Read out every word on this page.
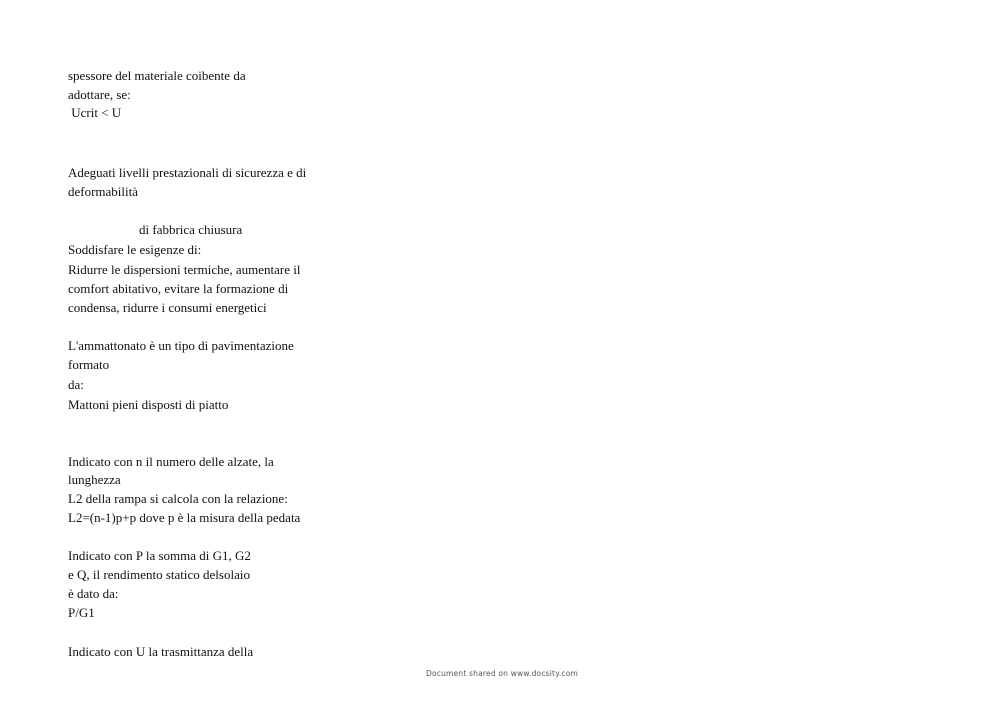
spessore del materiale coibente da
adottare, se:
Ucrit < U
Adeguati livelli prestazionali di sicurezza e di
deformabilità
di fabbrica chiusura
Soddisfare le esigenze di:
Ridurre le dispersioni termiche, aumentare il
comfort abitativo, evitare la formazione di
condensa, ridurre i consumi energetici
L'ammattonato è un tipo di pavimentazione
formato
da:
Mattoni pieni disposti di piatto
Indicato con n il numero delle alzate, la
lunghezza
L2 della rampa si calcola con la relazione:
L2=(n-1)p+p dove p è la misura della pedata
Indicato con P la somma di G1, G2
e Q, il rendimento statico delsolaio
è dato da:
P/G1
Indicato con U la trasmittanza della
Document shared on www.docsity.com
